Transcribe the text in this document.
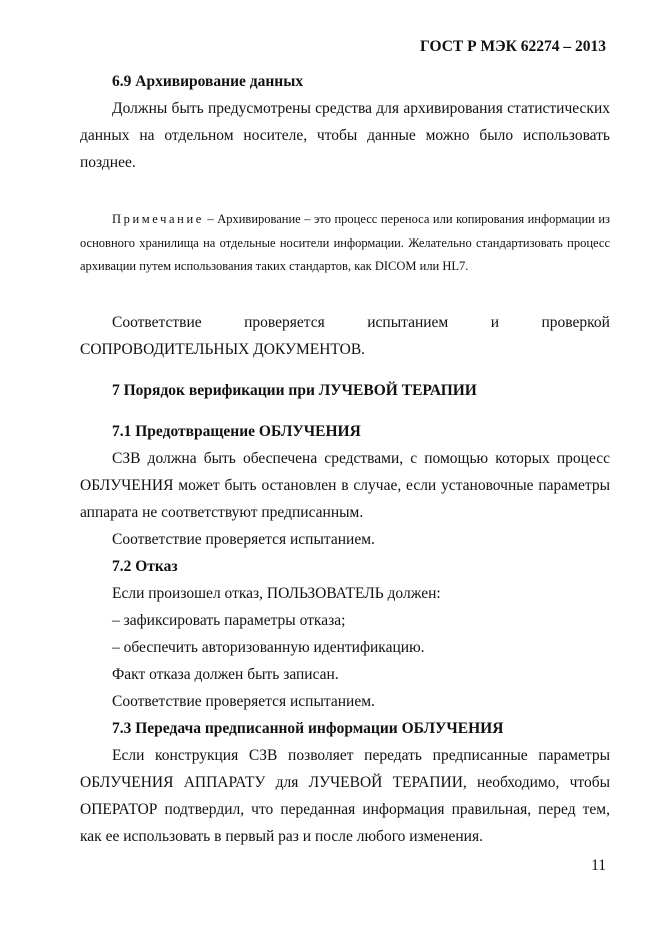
ГОСТ Р МЭК 62274 – 2013

6.9 Архивирование данных

Должны быть предусмотрены средства для архивирования статистических данных на отдельном носителе, чтобы данные можно было использовать позднее.

Примечание – Архивирование – это процесс переноса или копирования информации из основного хранилища на отдельные носители информации. Желательно стандартизовать процесс архивации путем использования таких стандартов, как DICOM или HL7.

Соответствие	проверяется	испытанием	и	проверкой

СОПРОВОДИТЕЛЬНЫХ ДОКУМЕНТОВ.

7 Порядок верификации при ЛУЧЕВОЙ ТЕРАПИИ

7.1 Предотвращение ОБЛУЧЕНИЯ

СЗВ должна быть обеспечена средствами, с помощью которых процесс ОБЛУЧЕНИЯ может быть остановлен в случае, если установочные параметры аппарата не соответствуют предписанным.

Соответствие проверяется испытанием.

7.2 Отказ

Если произошел отказ, ПОЛЬЗОВАТЕЛЬ должен:

– зафиксировать параметры отказа;

– обеспечить авторизованную идентификацию.

Факт отказа должен быть записан.

Соответствие проверяется испытанием.

7.3 Передача предписанной информации ОБЛУЧЕНИЯ

Если конструкция СЗВ позволяет передать предписанные параметры ОБЛУЧЕНИЯ АППАРАТУ для ЛУЧЕВОЙ ТЕРАПИИ, необходимо, чтобы ОПЕРАТОР подтвердил, что переданная информация правильная, перед тем, как ее использовать в первый раз и после любого изменения.

11
